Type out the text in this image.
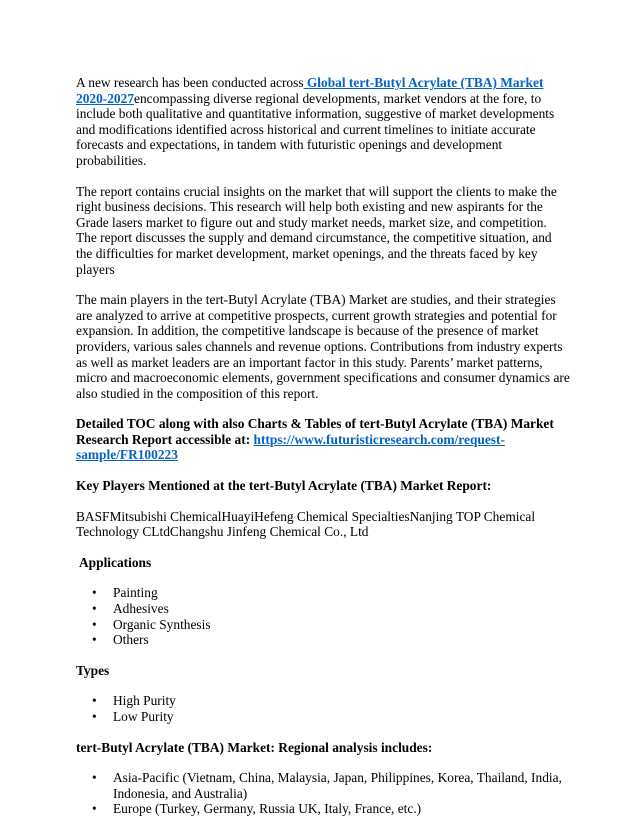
A new research has been conducted across Global tert-Butyl Acrylate (TBA) Market 2020-2027encompassing diverse regional developments, market vendors at the fore, to include both qualitative and quantitative information, suggestive of market developments and modifications identified across historical and current timelines to initiate accurate forecasts and expectations, in tandem with futuristic openings and development probabilities.

The report contains crucial insights on the market that will support the clients to make the right business decisions. This research will help both existing and new aspirants for the Grade lasers market to figure out and study market needs, market size, and competition. The report discusses the supply and demand circumstance, the competitive situation, and the difficulties for market development, market openings, and the threats faced by key players

The main players in the tert-Butyl Acrylate (TBA) Market are studies, and their strategies are analyzed to arrive at competitive prospects, current growth strategies and potential for expansion. In addition, the competitive landscape is because of the presence of market providers, various sales channels and revenue options. Contributions from industry experts as well as market leaders are an important factor in this study. Parents’ market patterns, micro and macroeconomic elements, government specifications and consumer dynamics are also studied in the composition of this report.

Detailed TOC along with also Charts & Tables of tert-Butyl Acrylate (TBA) Market Research Report accessible at: https://www.futuristicresearch.com/request-sample/FR100223

Key Players Mentioned at the tert-Butyl Acrylate (TBA) Market Report:

BASFMitsubishi ChemicalHuayiHefeng Chemical SpecialtiesNanjing TOP Chemical Technology CLtdChangshu Jinfeng Chemical Co., Ltd

Applications

• Painting
• Adhesives
• Organic Synthesis
• Others

Types

• High Purity
• Low Purity

tert-Butyl Acrylate (TBA) Market: Regional analysis includes:

• Asia-Pacific (Vietnam, China, Malaysia, Japan, Philippines, Korea, Thailand, India, Indonesia, and Australia)
• Europe (Turkey, Germany, Russia UK, Italy, France, etc.)
